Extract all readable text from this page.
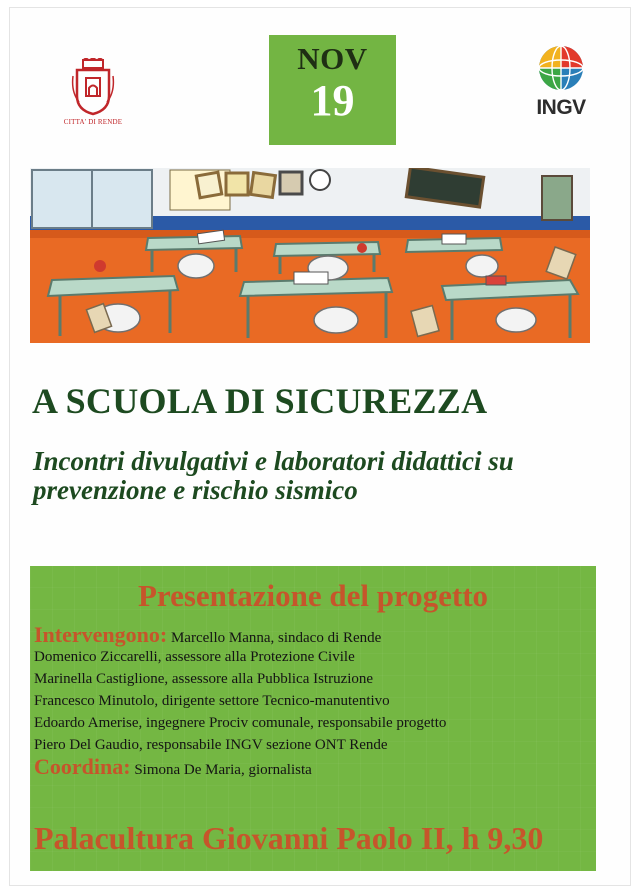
CITTA' DI RENDE
NOV
19	INGV
A SCUOLA DI SICUREZZA
Incontri divulgativi e laboratori didattici su prevenzione e rischio sismico
Presentazione del progetto
Intervengono: Marcello Manna, sindaco di Rende
Domenico Ziccarelli, assessore alla Protezione Civile
Marinella Castiglione, assessore alla Pubblica Istruzione
Francesco Minutolo, dirigente settore Tecnico-manutentivo
Edoardo Amerise, ingegnere Prociv comunale, responsabile progetto
Piero Del Gaudio, responsabile INGV sezione ONT Rende
Coordina: Simona De Maria, giornalista
Palacultura Giovanni Paolo II, h 9,30
